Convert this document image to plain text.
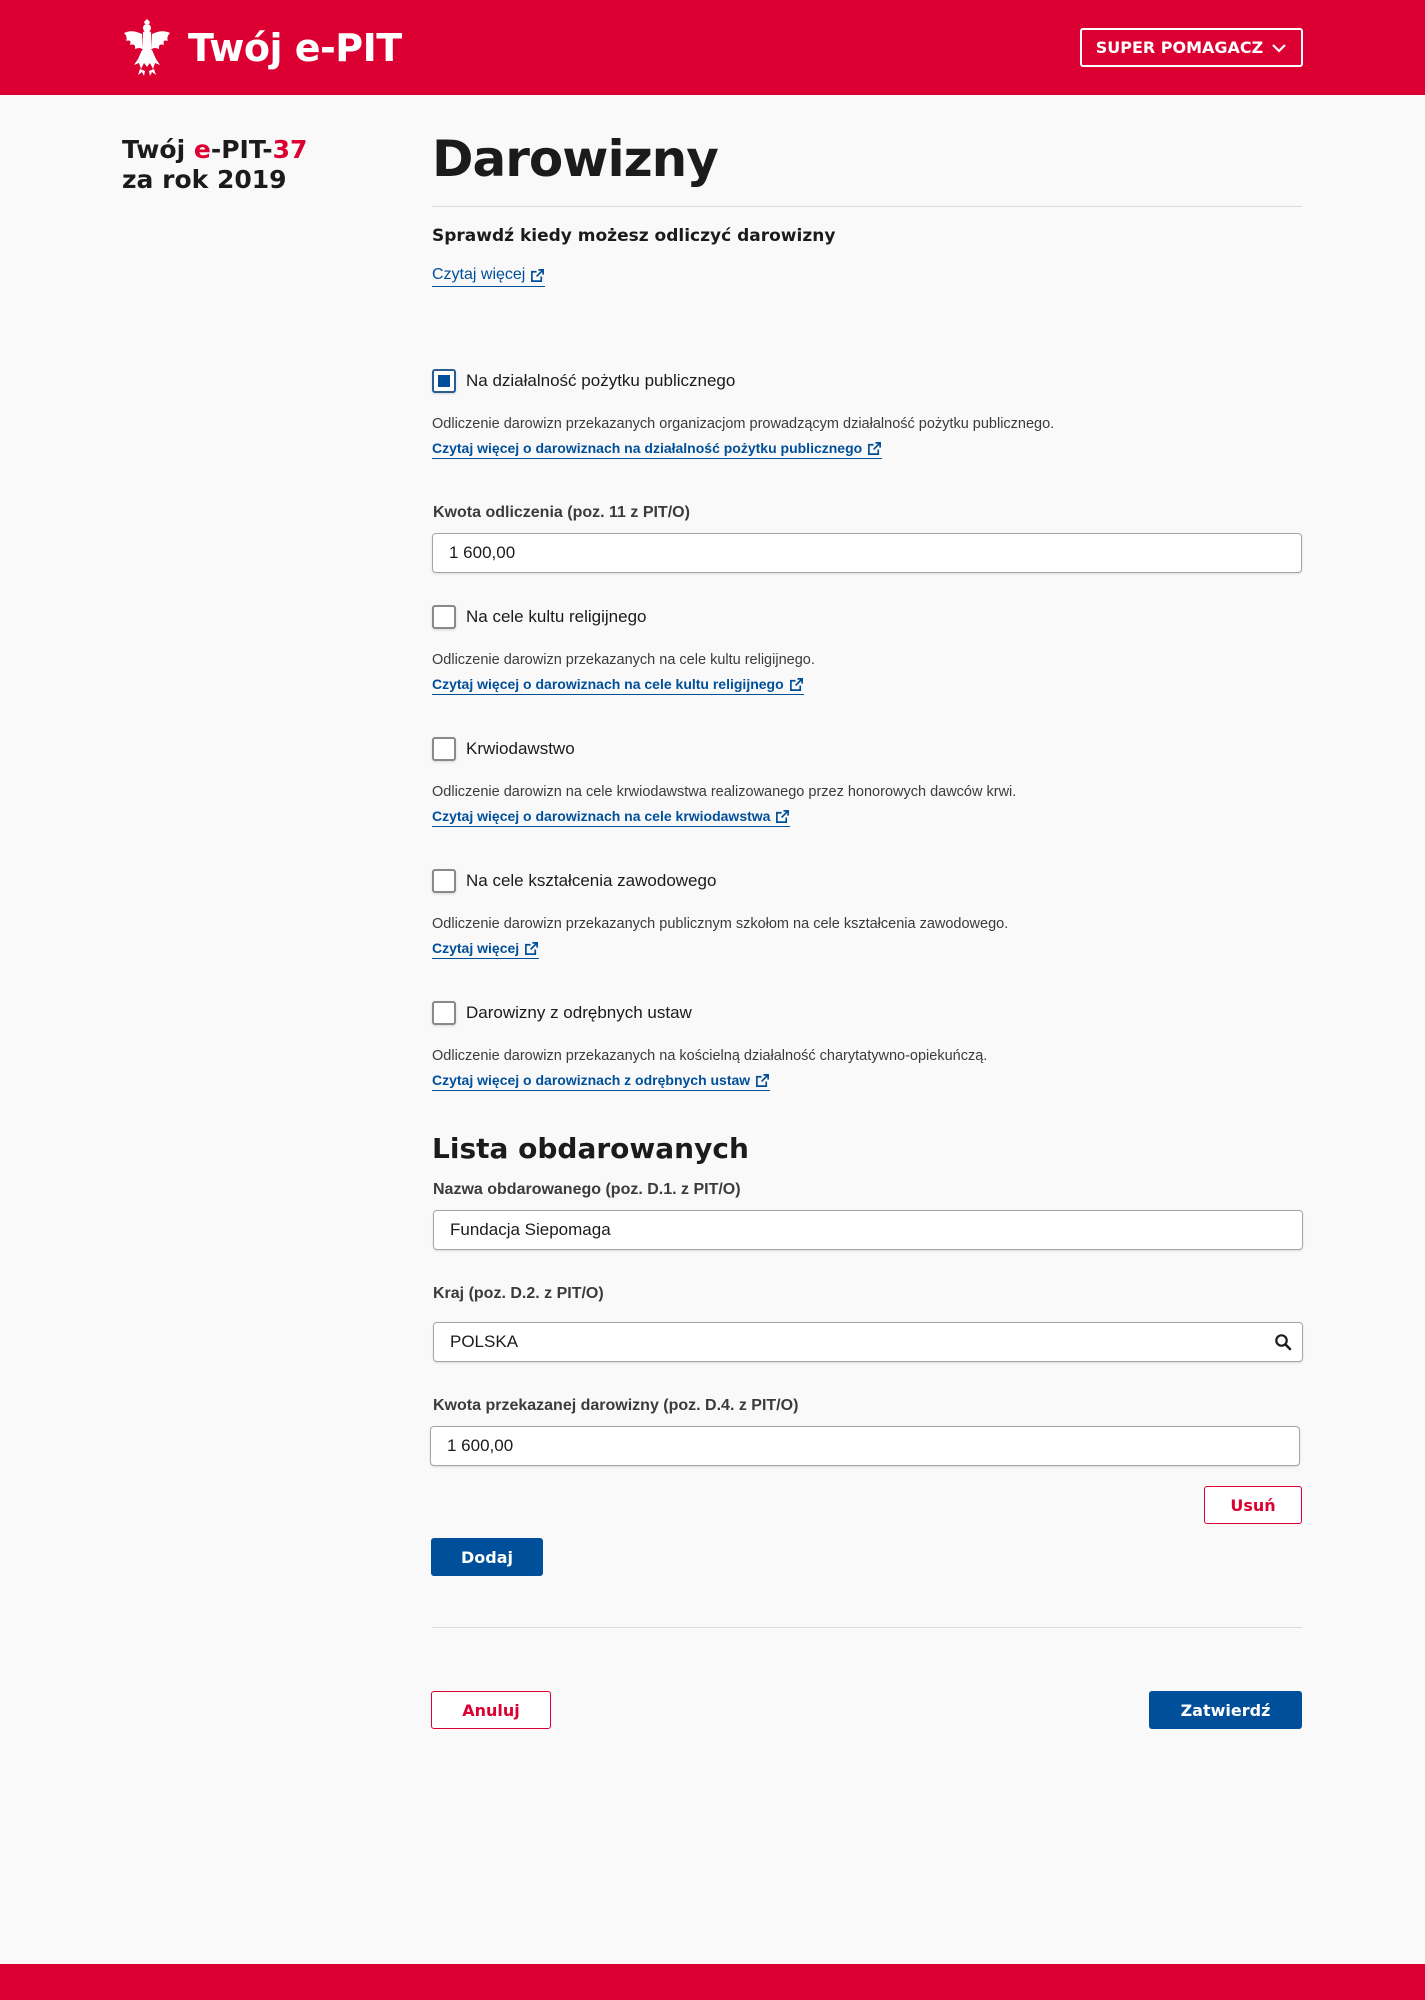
Twój e-PIT	SUPER POMAGACZ
Twój e-PIT-37
za rok 2019	Darowizny
Sprawdź kiedy możesz odliczyć darowizny
Czytaj więcej
Na działalność pożytku publicznego
Odliczenie darowizn przekazanych organizacjom prowadzącym działalność pożytku publicznego.
Czytaj więcej o darowiznach na działalność pożytku publicznego
Kwota odliczenia (poz. 11 z PIT/O)
1 600,00
Na cele kultu religijnego
Odliczenie darowizn przekazanych na cele kultu religijnego.
Czytaj więcej o darowiznach na cele kultu religijnego
Krwiodawstwo
Odliczenie darowizn na cele krwiodawstwa realizowanego przez honorowych dawców krwi.
Czytaj więcej o darowiznach na cele krwiodawstwa
Na cele kształcenia zawodowego
Odliczenie darowizn przekazanych publicznym szkołom na cele kształcenia zawodowego.
Czytaj więcej
Darowizny z odrębnych ustaw
Odliczenie darowizn przekazanych na kościelną działalność charytatywno-opiekuńczą.
Czytaj więcej o darowiznach z odrębnych ustaw
Lista obdarowanych
Nazwa obdarowanego (poz. D.1. z PIT/O)
Fundacja Siepomaga
Kraj (poz. D.2. z PIT/O)
POLSKA
Kwota przekazanej darowizny (poz. D.4. z PIT/O)
1 600,00
Usuń
Dodaj
Anuluj	Zatwierdź
